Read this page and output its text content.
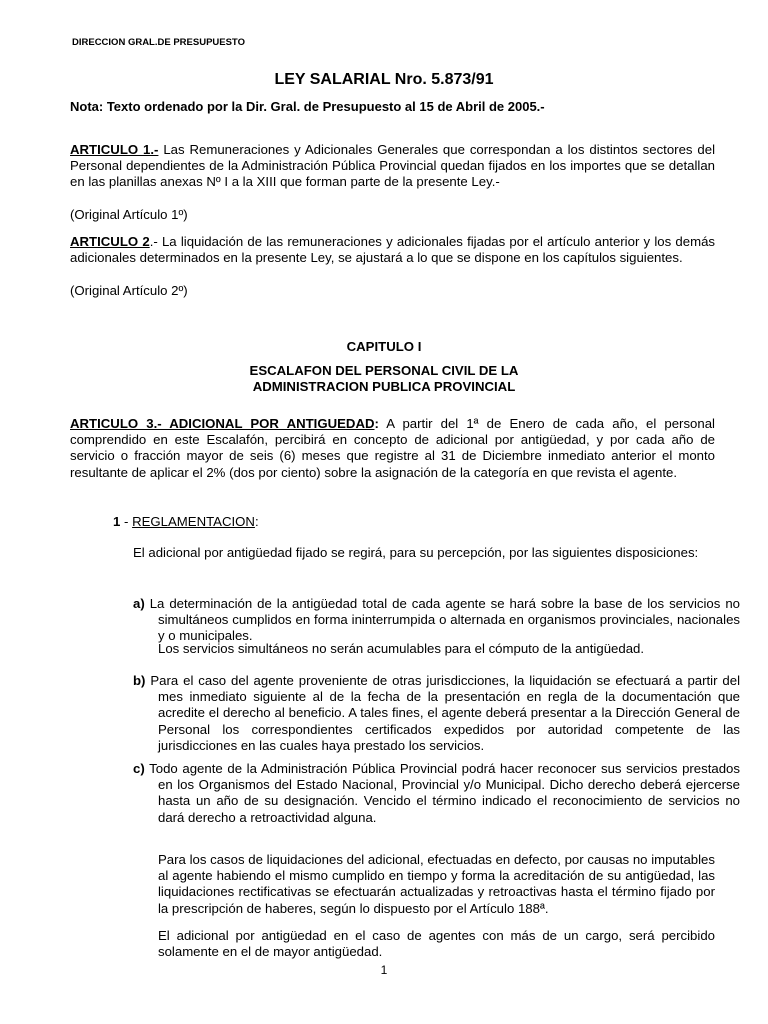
DIRECCION GRAL.DE PRESUPUESTO
LEY SALARIAL Nro. 5.873/91
Nota: Texto ordenado por la Dir. Gral. de Presupuesto al 15 de Abril de 2005.-
ARTICULO 1.- Las Remuneraciones y Adicionales Generales que correspondan a los distintos sectores del Personal dependientes de la Administración Pública Provincial quedan fijados en los importes que se detallan en las planillas anexas Nº I a la XIII que forman parte de la presente Ley.-
(Original Artículo 1º)
ARTICULO 2.- La liquidación de las remuneraciones y adicionales fijadas por el artículo anterior y los demás adicionales determinados en la presente Ley, se ajustará a lo que se dispone en los capítulos siguientes.
(Original Artículo 2º)
CAPITULO I
ESCALAFON DEL PERSONAL CIVIL DE LA
ADMINISTRACION PUBLICA PROVINCIAL
ARTICULO 3.- ADICIONAL POR ANTIGUEDAD: A partir del 1ª de Enero de cada año, el personal comprendido en este Escalafón, percibirá en concepto de adicional por antigüedad, y por cada año de servicio o fracción mayor de seis (6) meses que registre al 31 de Diciembre inmediato anterior el monto resultante de aplicar el 2% (dos por ciento) sobre la asignación de la categoría en que revista el agente.
1 - REGLAMENTACION:
El adicional por antigüedad fijado se regirá, para su percepción, por las siguientes disposiciones:
a) La determinación de la antigüedad total de cada agente se hará sobre la base de los servicios no simultáneos cumplidos en forma ininterrumpida o alternada en organismos provinciales, nacionales y o municipales.
Los servicios simultáneos no serán acumulables para el cómputo de la antigüedad.
b) Para el caso del agente proveniente de otras jurisdicciones, la liquidación se efectuará a partir del mes inmediato siguiente al de la fecha de la presentación en regla de la documentación que acredite el derecho al beneficio. A tales fines, el agente deberá presentar a la Dirección General de Personal los correspondientes certificados expedidos por autoridad competente de las jurisdicciones en las cuales haya prestado los servicios.
c) Todo agente de la Administración Pública Provincial podrá hacer reconocer sus servicios prestados en los Organismos del Estado Nacional, Provincial y/o Municipal. Dicho derecho deberá ejercerse hasta un año de su designación. Vencido el término indicado el reconocimiento de servicios no dará derecho a retroactividad alguna.
Para los casos de liquidaciones del adicional, efectuadas en defecto, por causas no imputables al agente habiendo el mismo cumplido en tiempo y forma la acreditación de su antigüedad, las liquidaciones rectificativas se efectuarán actualizadas y retroactivas hasta el término fijado por la prescripción de haberes, según lo dispuesto por el Artículo 188ª.
El adicional por antigüedad en el caso de agentes con más de un cargo, será percibido solamente en el de mayor antigüedad.
1
